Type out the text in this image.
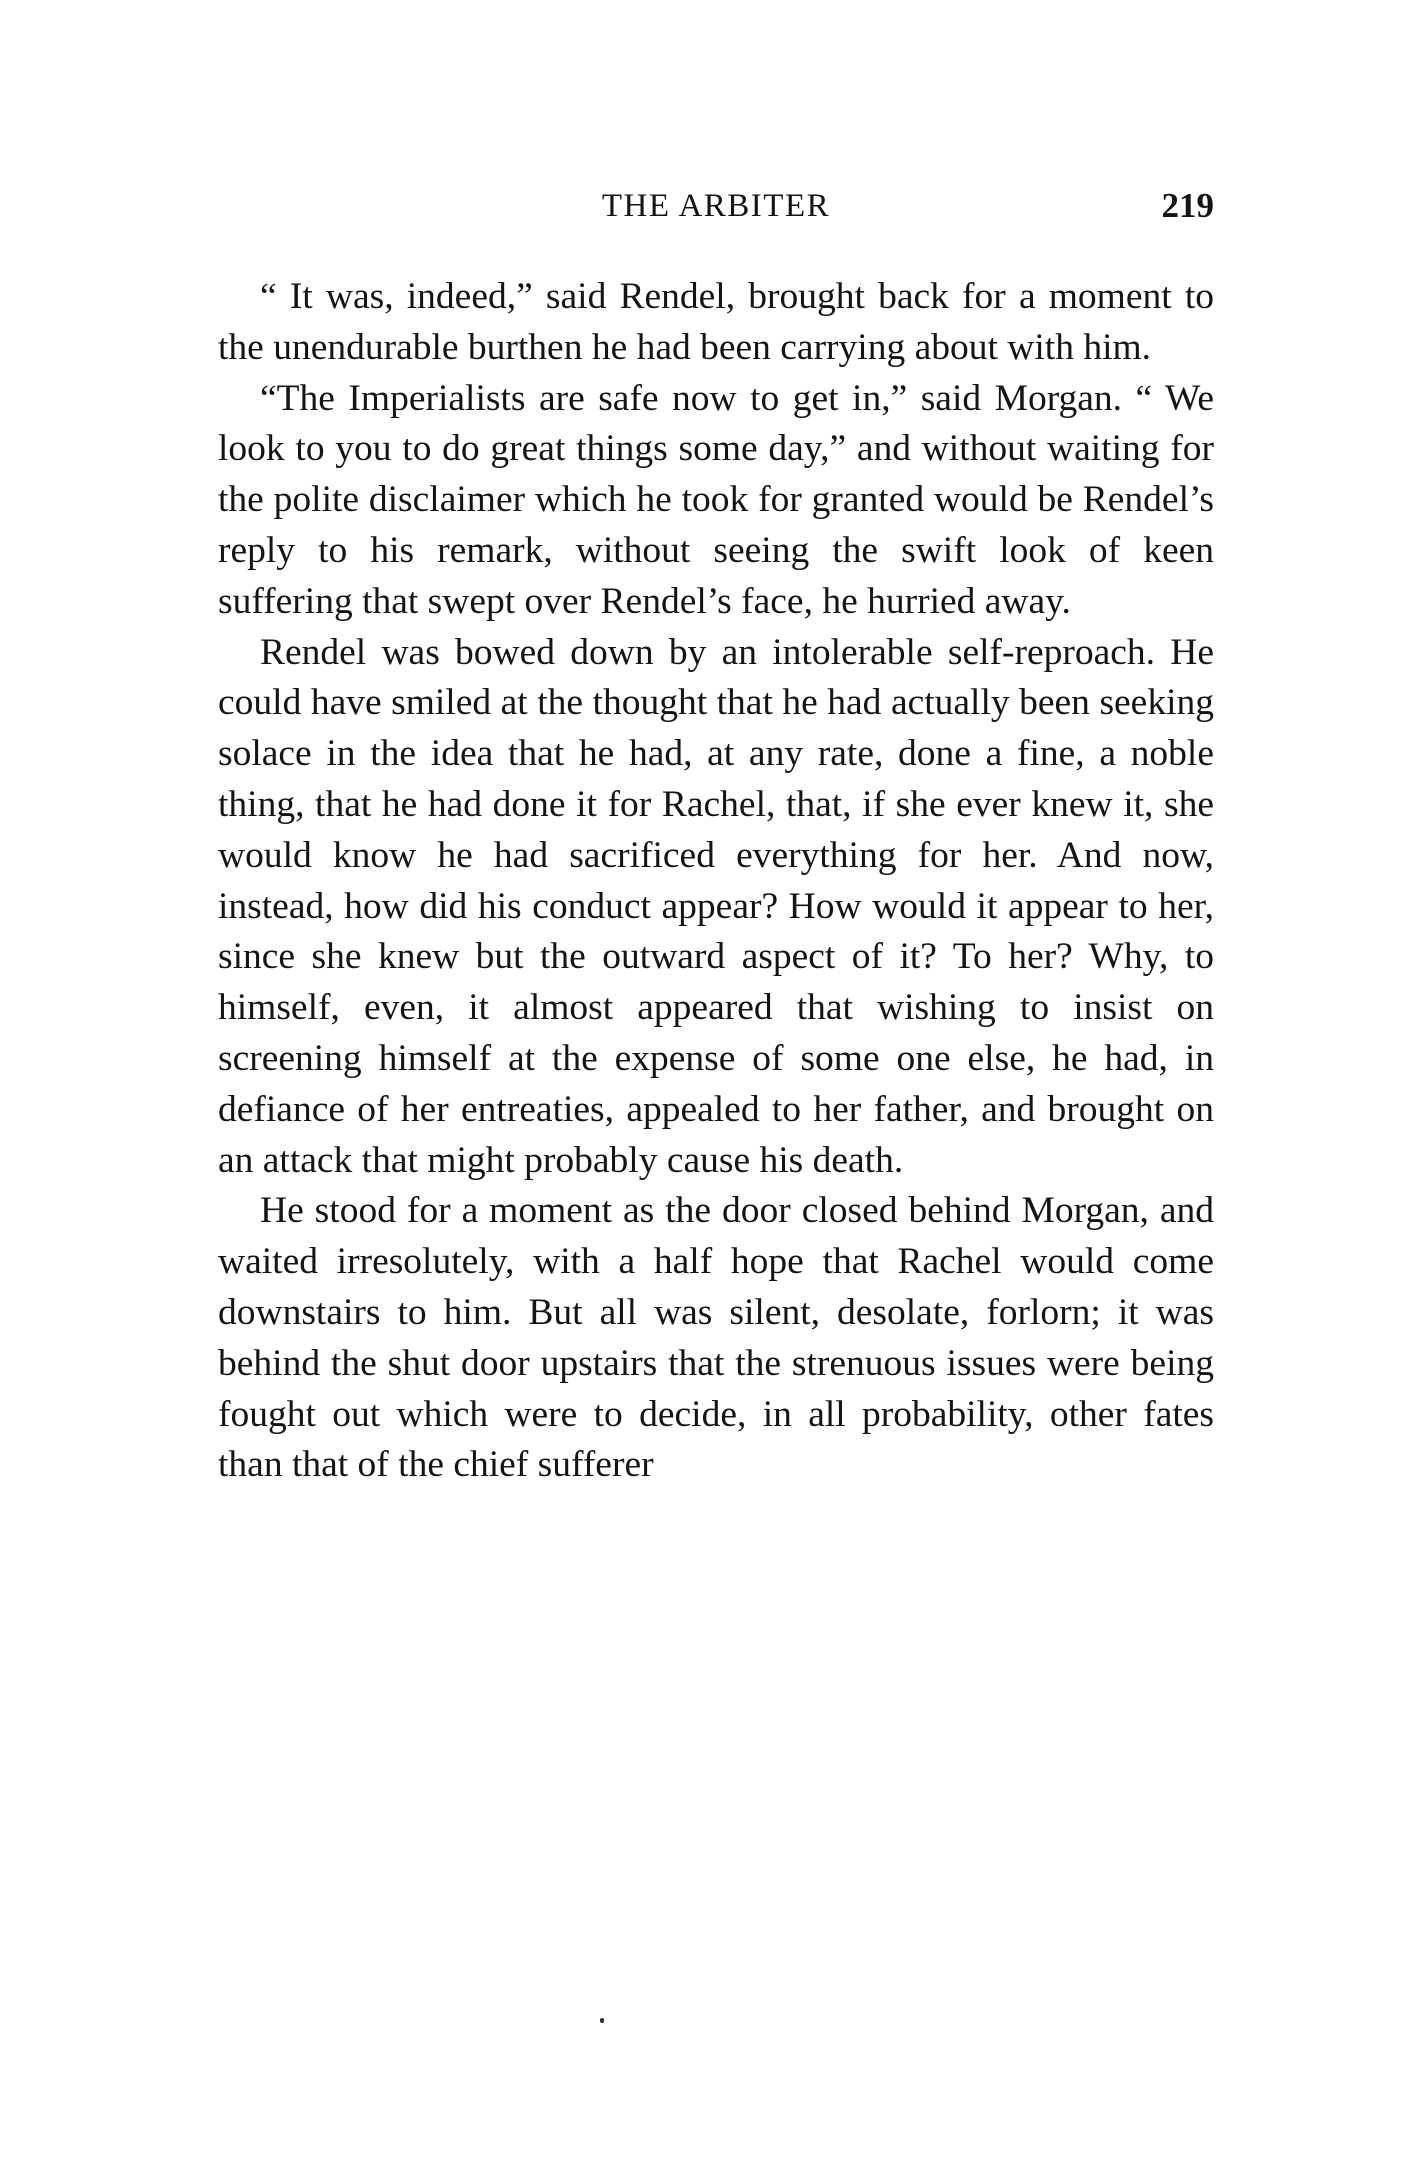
THE ARBITER	219

“ It was, indeed,” said Rendel, brought back for a moment to the unendurable burthen he had been carrying about with him.

“The Imperialists are safe now to get in,” said Morgan. “ We look to you to do great things some day,” and without waiting for the polite disclaimer which he took for granted would be Rendel’s reply to his remark, without seeing the swift look of keen suffering that swept over Rendel’s face, he hurried away.

Rendel was bowed down by an intolerable self-reproach. He could have smiled at the thought that he had actually been seeking solace in the idea that he had, at any rate, done a fine, a noble thing, that he had done it for Rachel, that, if she ever knew it, she would know he had sacrificed everything for her. And now, instead, how did his conduct appear? How would it appear to her, since she knew but the outward aspect of it? To her? Why, to himself, even, it almost appeared that wishing to insist on screening himself at the expense of some one else, he had, in defiance of her entreaties, appealed to her father, and brought on an attack that might probably cause his death.

He stood for a moment as the door closed behind Morgan, and waited irresolutely, with a half hope that Rachel would come downstairs to him. But all was silent, desolate, forlorn; it was behind the shut door upstairs that the strenuous issues were being fought out which were to decide, in all probability, other fates than that of the chief sufferer
